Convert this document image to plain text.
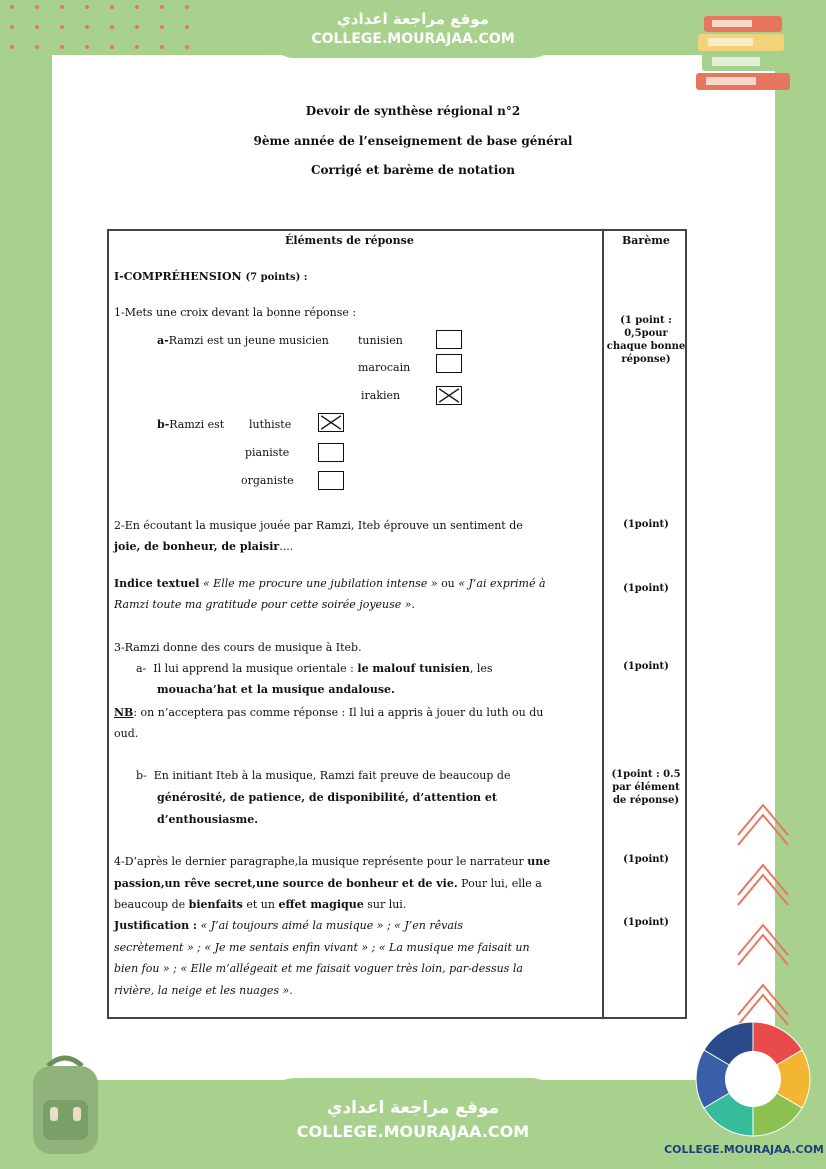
موقع مراجعة اعدادي
COLLEGE.MOURAJAA.COM
Devoir de synthèse régional n°2
9ème année de l’enseignement de base général
Corrigé et barème de notation
Éléments de réponse	Barème
I-COMPRÉHENSION (7 points) :
1-Mets une croix devant la bonne réponse :
a-Ramzi est un jeune musicien	tunisien
marocain
irakien
b-Ramzi est luthiste
pianiste
organiste
(1 point : 0,5pour chaque bonne réponse)
2-En écoutant la musique jouée par Ramzi, Iteb éprouve un sentiment de
joie, de bonheur, de plaisir....
(1point)
Indice textuel « Elle me procure une jubilation intense » ou « J’ai exprimé à
Ramzi toute ma gratitude pour cette soirée joyeuse ».
(1point)
3-Ramzi donne des cours de musique à Iteb.
a- Il lui apprend la musique orientale : le malouf tunisien, les
mouacha’hat et la musique andalouse.
(1point)
NB: on n’acceptera pas comme réponse : Il lui a appris à jouer du luth ou du
oud.
b- En initiant Iteb à la musique, Ramzi fait preuve de beaucoup de
générosité, de patience, de disponibilité, d’attention et
d’enthousiasme.
(1point : 0.5 par élément de réponse)
4-D’après le dernier paragraphe,la musique représente pour le narrateur une
passion,un rêve secret,une source de bonheur et de vie. Pour lui, elle a
beaucoup de bienfaits et un effet magique sur lui.
(1point)
Justification : « J’ai toujours aimé la musique » ; « J’en rêvais
secrètement » ; « Je me sentais enfin vivant » ; « La musique me faisait un
bien fou » ; « Elle m’allégeait et me faisait voguer très loin, par-dessus la
rivière, la neige et les nuages ».
(1point)
موقع مراجعة اعدادي
COLLEGE.MOURAJAA.COM
COLLEGE.MOURAJAA.COM
